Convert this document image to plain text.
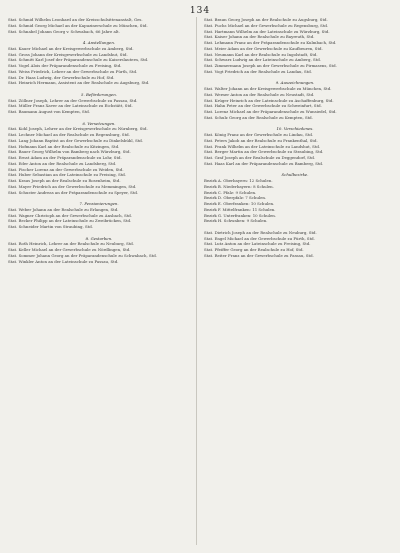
134
Stat. Schmid Wilhelm Leonhard an der Kreisschulsittenanstalt, Ges.
Stat. Schmid Georg Michael an der Kapuzinerschule zu München, Std.
Stat. Schnabel Johann Georg v. Schwabach, 66 Jahre alt.
4. Anstellungen.
Stat. Kauer Michael an der Kreisgewerbschule zu Amberg, Std.
Stat. Gross Johann der Kreisgewerbschule zu Landshut, Std.
Stat. Schmitt Karl Josef der Präparandenschule zu Kaiserslautern, Std.
Stat. Vogel Alois der Präparandenschule zu Freising, Std.
Stat. Weiss Friedrich, Lehrer an der Gewerbschule zu Fürth, Std.
Stat. Dr. Haas Ludwig, der Gewerbschule zu Hof, Std.
Stat. Heinrich Hermann, Assistent an der Realschule zu Augsburg, Std.
5. Beförderungen.
Stat. Zöllner Joseph, Lehrer an der Gewerbschule zu Passau, Std.
Stat. Müller Franz Xaver an der Lateinschule zu Eichstätt, Std.
Stat. Baumann August von Kempten, Std.
6. Versetzungen.
Stat. Kohl Joseph, Lehrer an der Kreisgewerbschule zu Nürnberg, Std.
Stat. Lechner Michael an der Realschule zu Regensburg, Std.
Stat. Lang Johann Baptist an der Gewerbschule zu Dinkelsbühl, Std.
Stat. Hofmann Karl an der Realschule zu Kitzingen, Std.
Stat. Bauer Georg Wilhelm von Bamberg nach Würzburg, Std.
Stat. Ernst Adam an der Präparandenschule zu Lohr, Std.
Stat. Eder Anton an der Realschule zu Landsberg, Std.
Stat. Fischer Lorenz an der Gewerbschule zu Weiden, Std.
Stat. Huber Sebastian an der Lateinschule zu Freising, Std.
Stat. Kraus Joseph an der Realschule zu Rosenheim, Std.
Stat. Mayer Friedrich an der Gewerbschule zu Memmingen, Std.
Stat. Schuster Andreas an der Präparandenschule zu Speyer, Std.
7. Pensionierungen.
Stat. Weber Johann an der Realschule zu Erlangen, Std.
Stat. Wagner Christoph an der Gewerbschule zu Ansbach, Std.
Stat. Becker Philipp an der Lateinschule zu Zweibrücken, Std.
Stat. Schneider Martin von Straubing, Std.
8. Gestorben.
Stat. Roth Heinrich, Lehrer an der Realschule zu Neuburg, Std.
Stat. Keller Michael an der Gewerbschule zu Nördlingen, Std.
Stat. Sommer Johann Georg an der Präparandenschule zu Schwabach, Std.
Stat. Winkler Anton an der Lateinschule zu Passau, Std.
Stat. Braun Georg Joseph an der Realschule zu Augsburg, Std.
Stat. Fuchs Michael an der Gewerbschule zu Regensburg, Std.
Stat. Hartmann Wilhelm an der Lateinschule zu Würzburg, Std.
Stat. Kaiser Johann an der Realschule zu Bayreuth, Std.
Stat. Lehmann Franz an der Präparandenschule zu Kulmbach, Std.
Stat. Meier Adam an der Gewerbschule zu Kaufbeuren, Std.
Stat. Neumann Karl an der Realschule zu Ingolstadt, Std.
Stat. Schwarz Ludwig an der Lateinschule zu Amberg, Std.
Stat. Zimmermann Joseph an der Gewerbschule zu Pirmasens, Std.
Stat. Vogt Friedrich an der Realschule zu Landau, Std.
9. Auszeichnungen.
Stat. Walter Johann an der Kreisgewerbschule zu München, Std.
Stat. Werner Anton an der Realschule zu Neustadt, Std.
Stat. Krüger Heinrich an der Lateinschule zu Aschaffenburg, Std.
Stat. Hahn Peter an der Gewerbschule zu Schweinfurt, Std.
Stat. Lorenz Michael an der Präparandenschule zu Wunsiedel, Std.
Stat. Schulz Georg an der Realschule zu Kempten, Std.
10. Verschiedenes.
Stat. König Franz an der Gewerbschule zu Lindau, Std.
Stat. Peters Jakob an der Realschule zu Frankenthal, Std.
Stat. Frank Wilhelm an der Lateinschule zu Landshut, Std.
Stat. Berger Martin an der Gewerbschule zu Straubing, Std.
Stat. Graf Joseph an der Realschule zu Deggendorf, Std.
Stat. Haas Karl an der Präparandenschule zu Bamberg, Std.
Schulbezirke.
Bezirk A. Oberbayern: 12 Schulen.
Bezirk B. Niederbayern: 8 Schulen.
Bezirk C. Pfalz: 9 Schulen.
Bezirk D. Oberpfalz: 7 Schulen.
Bezirk E. Oberfranken: 10 Schulen.
Bezirk F. Mittelfranken: 11 Schulen.
Bezirk G. Unterfranken: 10 Schulen.
Bezirk H. Schwaben: 9 Schulen.
Stat. Dietrich Joseph an der Realschule zu Neuburg, Std.
Stat. Engel Michael an der Gewerbschule zu Fürth, Std.
Stat. Lutz Anton an der Lateinschule zu Freising, Std.
Stat. Pfeiffer Georg an der Realschule zu Hof, Std.
Stat. Reiter Franz an der Gewerbschule zu Passau, Std.
